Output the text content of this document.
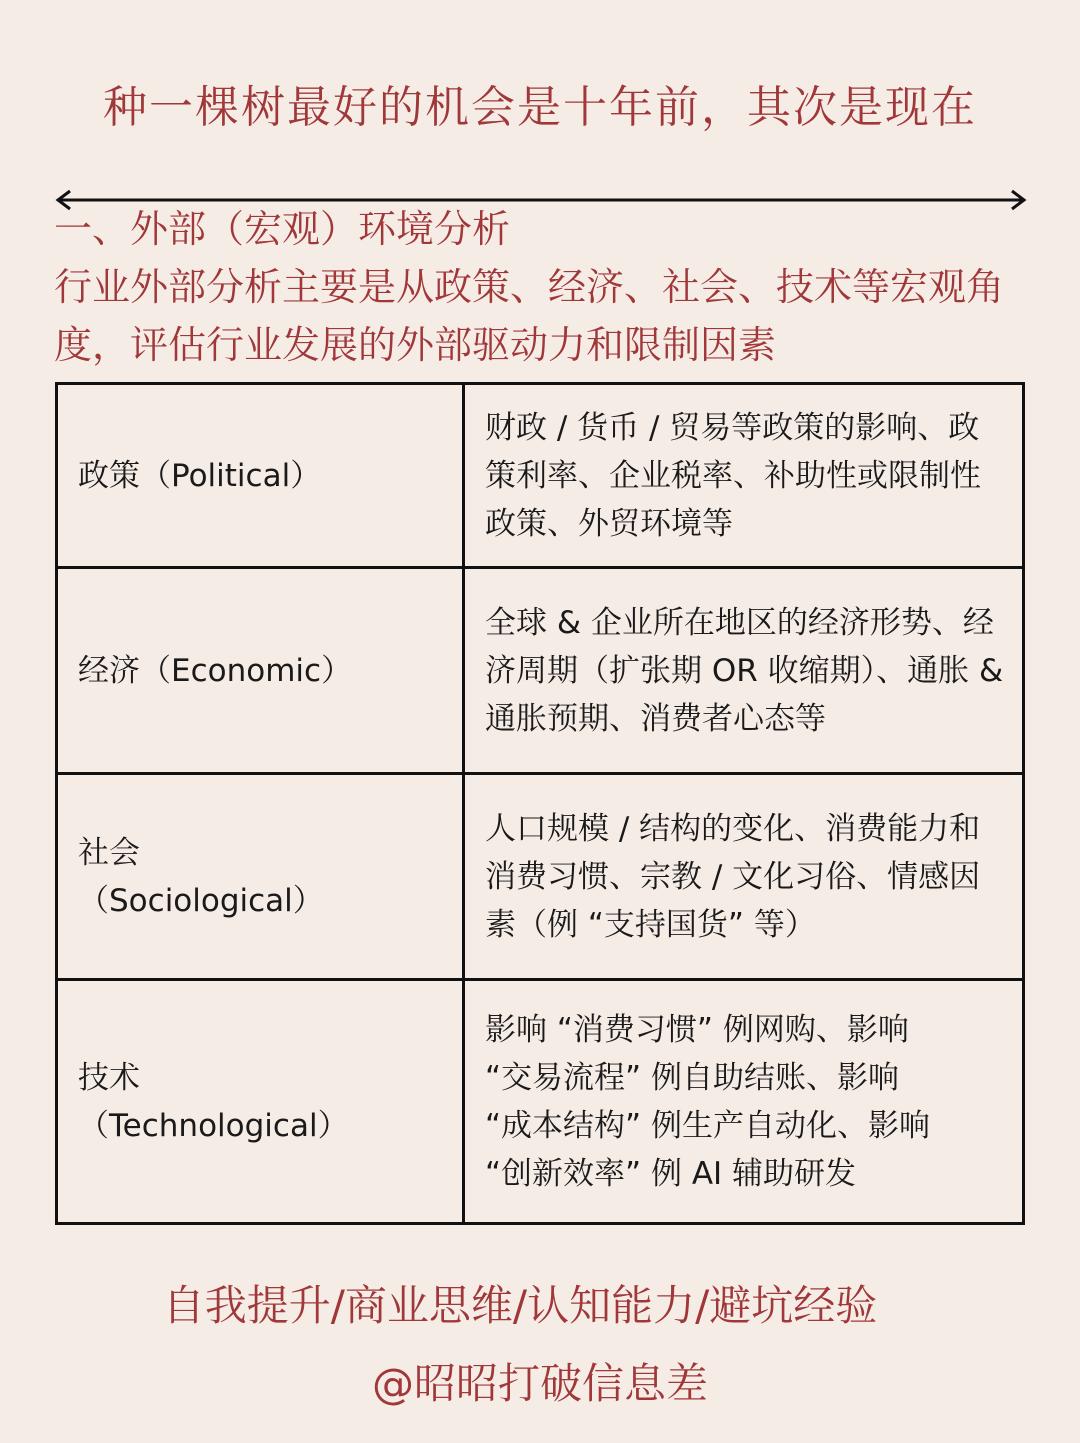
种一棵树最好的机会是十年前，其次是现在
一、外部（宏观）环境分析
行业外部分析主要是从政策、经济、社会、技术等宏观角度，评估行业发展的外部驱动力和限制因素
政策（Political）	财政 / 货币 / 贸易等政策的影响、政策利率、企业税率、补助性或限制性政策、外贸环境等

经济（Economic）	全球 & 企业所在地区的经济形势、经济周期（扩张期 OR 收缩期）、通胀 & 通胀预期、消费者心态等

社会
（Sociological）	人口规模 / 结构的变化、消费能力和消费习惯、宗教 / 文化习俗、情感因素（例 “支持国货” 等）

技术
（Technological）	影响 “消费习惯” 例网购、影响
“交易流程” 例自助结账、影响
“成本结构” 例生产自动化、影响
“创新效率” 例 AI 辅助研发
自我提升/商业思维/认知能力/避坑经验
@昭昭打破信息差
